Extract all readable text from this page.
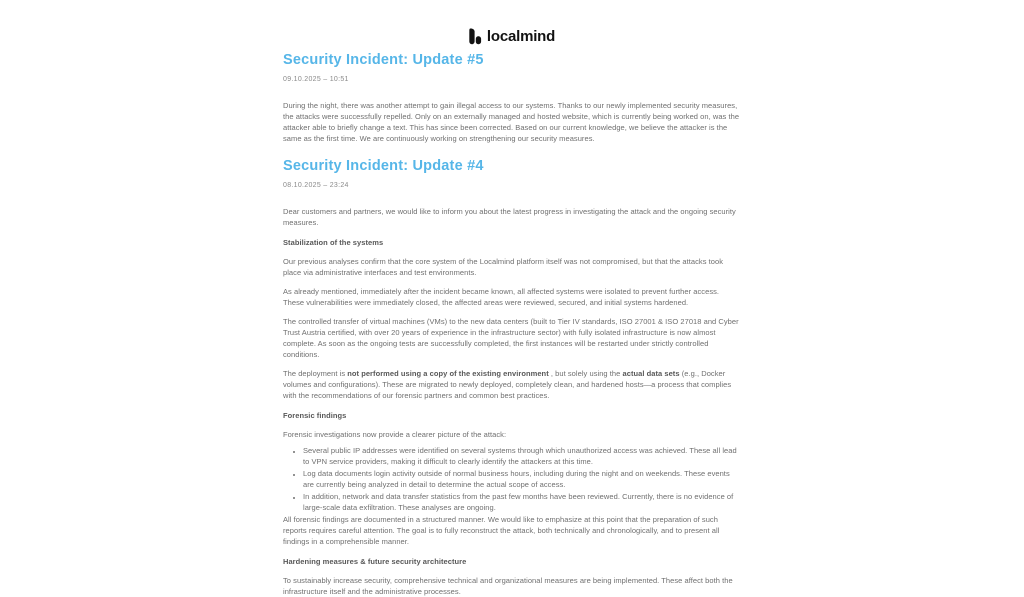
localmind
Security Incident: Update #5
09.10.2025 – 10:51

During the night, there was another attempt to gain illegal access to our systems. Thanks to our newly implemented security measures, the attacks were successfully repelled. Only on an externally managed and hosted website, which is currently being worked on, was the attacker able to briefly change a text. This has since been corrected. Based on our current knowledge, we believe the attacker is the same as the first time. We are continuously working on strengthening our security measures.

Security Incident: Update #4
08.10.2025 – 23:24

Dear customers and partners, we would like to inform you about the latest progress in investigating the attack and the ongoing security measures.

Stabilization of the systems

Our previous analyses confirm that the core system of the Localmind platform itself was not compromised, but that the attacks took place via administrative interfaces and test environments.

As already mentioned, immediately after the incident became known, all affected systems were isolated to prevent further access. These vulnerabilities were immediately closed, the affected areas were reviewed, secured, and initial systems hardened.

The controlled transfer of virtual machines (VMs) to the new data centers (built to Tier IV standards, ISO 27001 & ISO 27018 and Cyber Trust Austria certified, with over 20 years of experience in the infrastructure sector) with fully isolated infrastructure is now almost complete. As soon as the ongoing tests are successfully completed, the first instances will be restarted under strictly controlled conditions.

The deployment is not performed using a copy of the existing environment , but solely using the actual data sets (e.g., Docker volumes and configurations). These are migrated to newly deployed, completely clean, and hardened hosts—a process that complies with the recommendations of our forensic partners and common best practices.

Forensic findings

Forensic investigations now provide a clearer picture of the attack:

• Several public IP addresses were identified on several systems through which unauthorized access was achieved. These all lead to VPN service providers, making it difficult to clearly identify the attackers at this time.
• Log data documents login activity outside of normal business hours, including during the night and on weekends. These events are currently being analyzed in detail to determine the actual scope of access.
• In addition, network and data transfer statistics from the past few months have been reviewed. Currently, there is no evidence of large-scale data exfiltration. These analyses are ongoing.

All forensic findings are documented in a structured manner. We would like to emphasize at this point that the preparation of such reports requires careful attention. The goal is to fully reconstruct the attack, both technically and chronologically, and to present all findings in a comprehensible manner.

Hardening measures & future security architecture

To sustainably increase security, comprehensive technical and organizational measures are being implemented. These affect both the infrastructure itself and the administrative processes.
